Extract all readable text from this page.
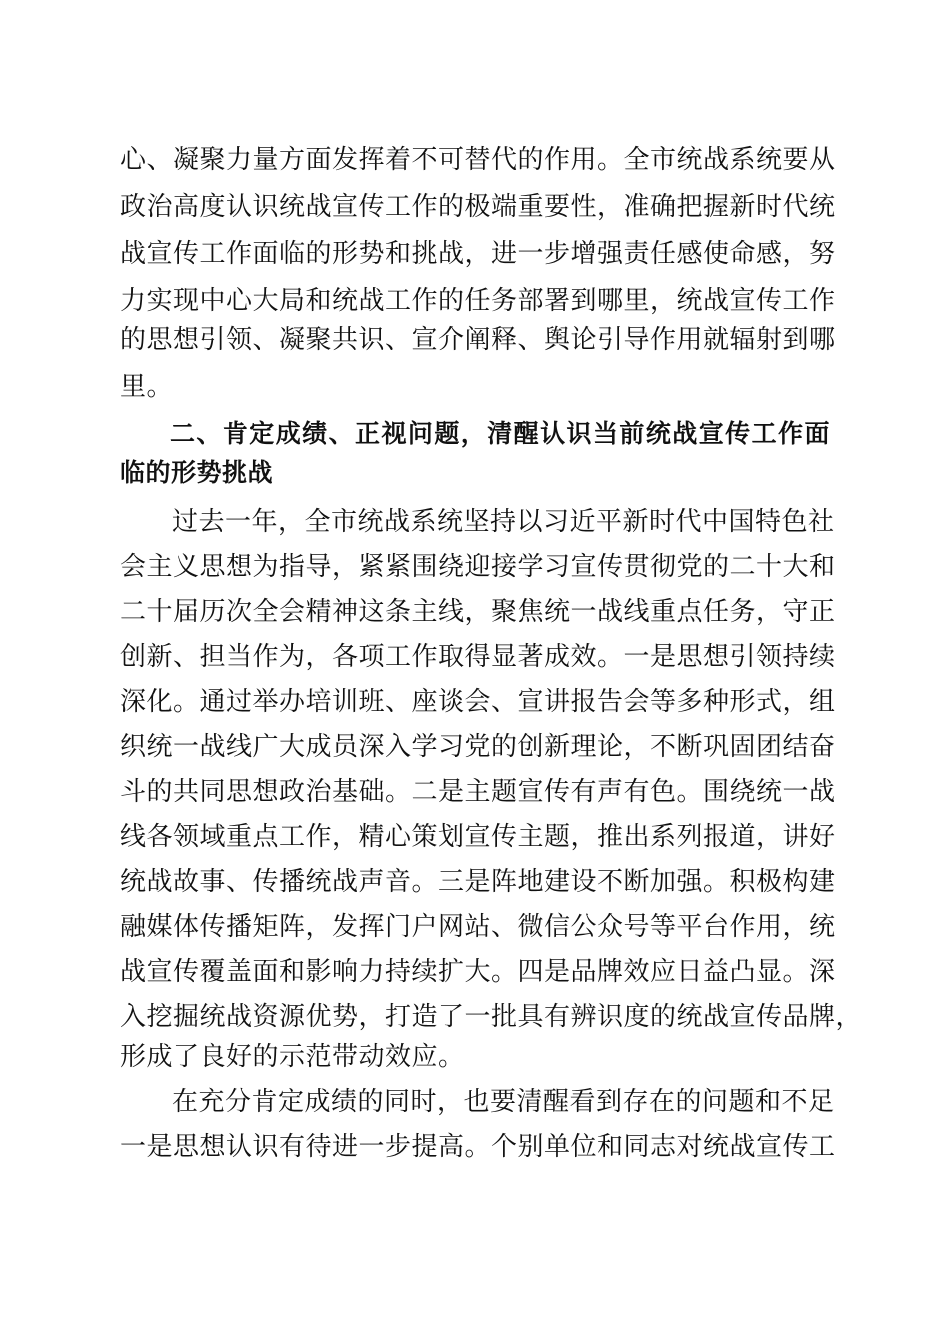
心、凝聚力量方面发挥着不可替代的作用。全市统战系统要从
政治高度认识统战宣传工作的极端重要性，准确把握新时代统
战宣传工作面临的形势和挑战，进一步增强责任感使命感，努
力实现中心大局和统战工作的任务部署到哪里，统战宣传工作
的思想引领、凝聚共识、宣介阐释、舆论引导作用就辐射到哪
里。
二、肯定成绩、正视问题，清醒认识当前统战宣传工作面
临的形势挑战
过去一年，全市统战系统坚持以习近平新时代中国特色社
会主义思想为指导，紧紧围绕迎接学习宣传贯彻党的二十大和
二十届历次全会精神这条主线，聚焦统一战线重点任务，守正
创新、担当作为，各项工作取得显著成效。一是思想引领持续
深化。通过举办培训班、座谈会、宣讲报告会等多种形式，组
织统一战线广大成员深入学习党的创新理论，不断巩固团结奋
斗的共同思想政治基础。二是主题宣传有声有色。围绕统一战
线各领域重点工作，精心策划宣传主题，推出系列报道，讲好
统战故事、传播统战声音。三是阵地建设不断加强。积极构建
融媒体传播矩阵，发挥门户网站、微信公众号等平台作用，统
战宣传覆盖面和影响力持续扩大。四是品牌效应日益凸显。深
入挖掘统战资源优势，打造了一批具有辨识度的统战宣传品牌，
形成了良好的示范带动效应。
在充分肯定成绩的同时，也要清醒看到存在的问题和不足
一是思想认识有待进一步提高。个别单位和同志对统战宣传工
